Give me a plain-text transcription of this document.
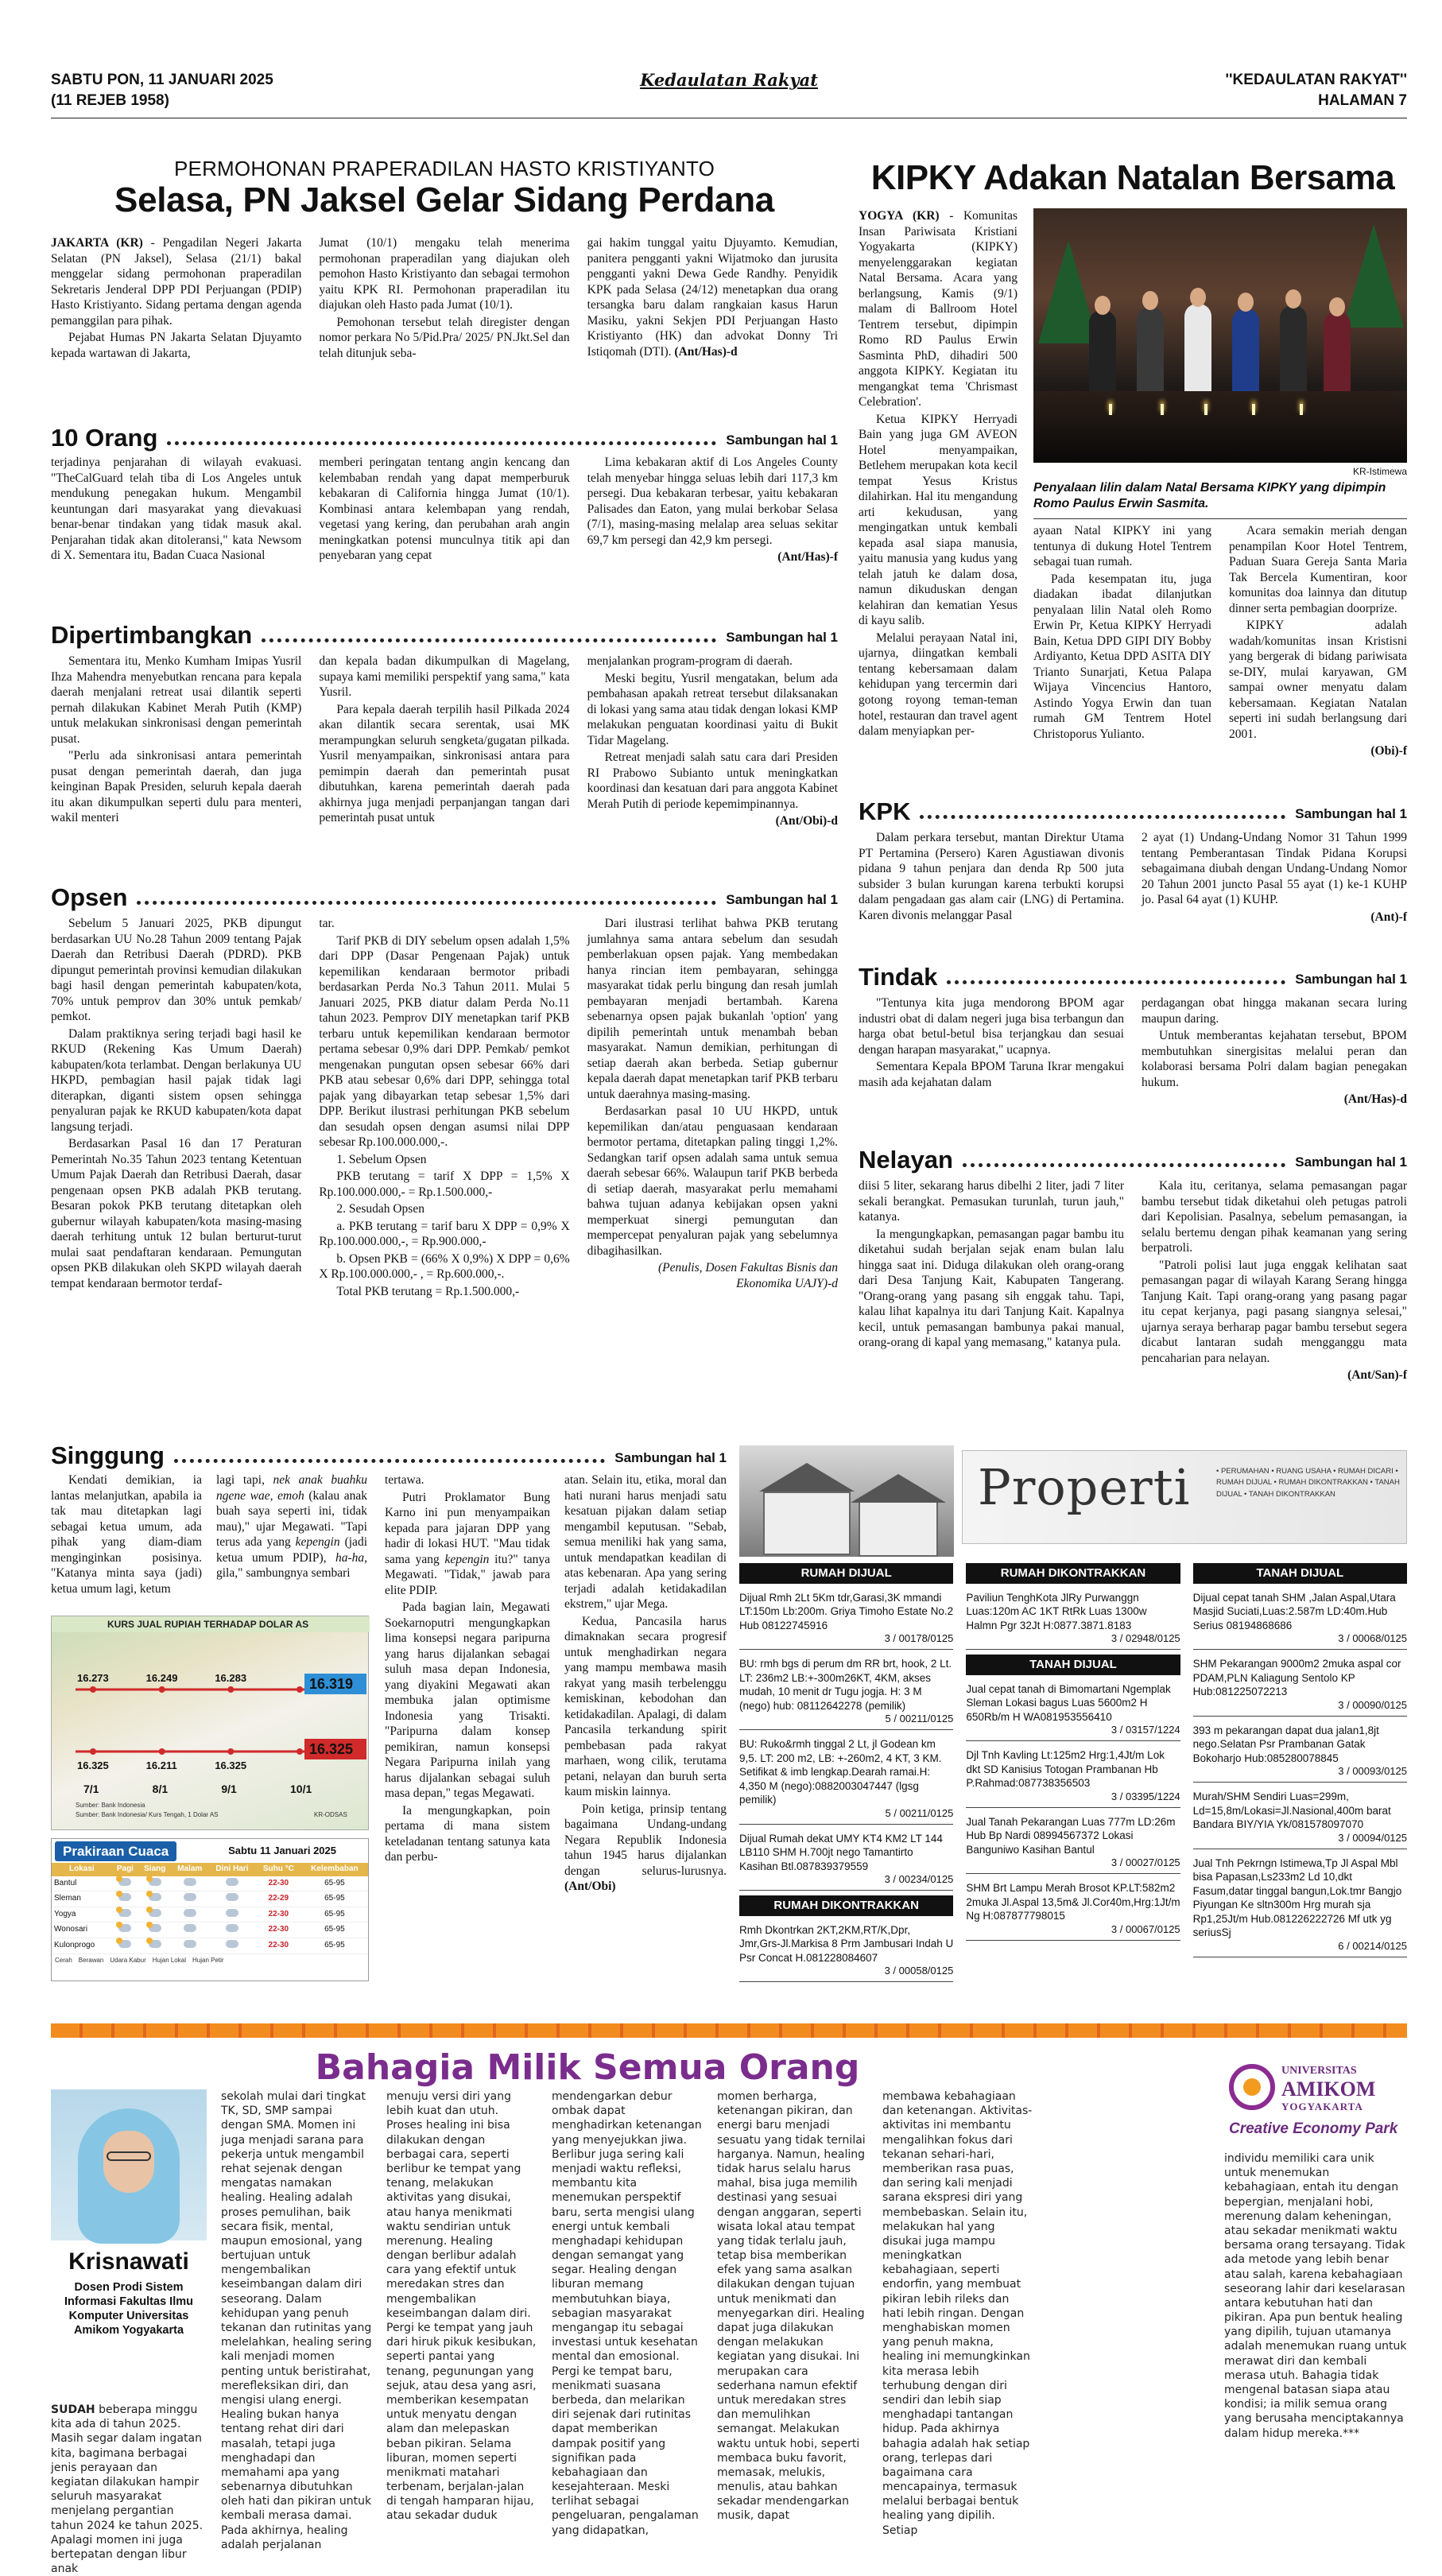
SABTU PON, 11 JANUARI 2025
(11 REJEB 1958)
Kedaulatan Rakyat	''KEDAULATAN RAKYAT''
HALAMAN 7
PERMOHONAN PRAPERADILAN HASTO KRISTIYANTO
Selasa, PN Jaksel Gelar Sidang Perdana

JAKARTA (KR) - Pengadilan Negeri Jakarta Selatan (PN Jaksel), Selasa (21/1) bakal menggelar sidang permohonan praperadilan Sekretaris Jenderal DPP PDI Perjuangan (PDIP) Hasto Kristiyanto. Sidang pertama dengan agenda pemanggilan para pihak.

Pejabat Humas PN Jakarta Selatan Djuyamto kepada wartawan di Jakarta,

Jumat (10/1) mengaku telah menerima permohonan praperadilan yang diajukan oleh pemohon Hasto Kristiyanto dan sebagai termohon yaitu KPK RI. Permohonan praperadilan itu diajukan oleh Hasto pada Jumat (10/1).

Pemohonan tersebut telah diregister dengan nomor perkara No 5/Pid.Pra/ 2025/ PN.Jkt.Sel dan telah ditunjuk seba-

gai hakim tunggal yaitu Djuyamto. Kemudian, panitera pengganti yakni Wijatmoko dan jurusita pengganti yakni Dewa Gede Randhy. Penyidik KPK pada Selasa (24/12) menetapkan dua orang tersangka baru dalam rangkaian kasus Harun Masiku, yakni Sekjen PDI Perjuangan Hasto Kristiyanto (HK) dan advokat Donny Tri Istiqomah (DTI). (Ant/Has)-d

10 Orang	Sambungan hal 1

terjadinya penjarahan di wilayah evakuasi. "TheCalGuard telah tiba di Los Angeles untuk mendukung penegakan hukum. Mengambil keuntungan dari masyarakat yang dievakuasi benar-benar tindakan yang tidak masuk akal. Penjarahan tidak akan ditoleransi," kata Newsom di X. Sementara itu, Badan Cuaca Nasional

memberi peringatan tentang angin kencang dan kelembaban rendah yang dapat memperburuk kebakaran di California hingga Jumat (10/1). Kombinasi antara kelembapan yang rendah, vegetasi yang kering, dan perubahan arah angin meningkatkan potensi munculnya titik api dan penyebaran yang cepat

Lima kebakaran aktif di Los Angeles County telah menyebar hingga seluas lebih dari 117,3 km persegi. Dua kebakaran terbesar, yaitu kebakaran Palisades dan Eaton, yang mulai berkobar Selasa (7/1), masing-masing melalap area seluas sekitar 69,7 km persegi dan 42,9 km persegi.

(Ant/Has)-f

Dipertimbangkan	Sambungan hal 1

Sementara itu, Menko Kumham Imipas Yusril Ihza Mahendra menyebutkan rencana para kepala daerah menjalani retreat usai dilantik seperti pernah dilakukan Kabinet Merah Putih (KMP) untuk melakukan sinkronisasi dengan pemerintah pusat.

"Perlu ada sinkronisasi antara pemerintah pusat dengan pemerintah daerah, dan juga keinginan Bapak Presiden, seluruh kepala daerah itu akan dikumpulkan seperti dulu para menteri, wakil menteri

dan kepala badan dikumpulkan di Magelang, supaya kami memiliki perspektif yang sama," kata Yusril.

Para kepala daerah terpilih hasil Pilkada 2024 akan dilantik secara serentak, usai MK merampungkan seluruh sengketa/gugatan pilkada. Yusril menyampaikan, sinkronisasi antara para pemimpin daerah dan pemerintah pusat dibutuhkan, karena pemerintah daerah pada akhirnya juga menjadi perpanjangan tangan dari pemerintah pusat untuk

menjalankan program-program di daerah.

Meski begitu, Yusril mengatakan, belum ada pembahasan apakah retreat tersebut dilaksanakan di lokasi yang sama atau tidak dengan lokasi KMP melakukan penguatan koordinasi yaitu di Bukit Tidar Magelang.

Retreat menjadi salah satu cara dari Presiden RI Prabowo Subianto untuk meningkatkan koordinasi dan kesatuan dari para anggota Kabinet Merah Putih di periode kepemimpinannya.

(Ant/Obi)-d

Opsen	Sambungan hal 1

Sebelum 5 Januari 2025, PKB dipungut berdasarkan UU No.28 Tahun 2009 tentang Pajak Daerah dan Retribusi Daerah (PDRD). PKB dipungut pemerintah provinsi kemudian dilakukan bagi hasil dengan pemerintah kabupaten/kota, 70% untuk pemprov dan 30% untuk pemkab/ pemkot.

Dalam praktiknya sering terjadi bagi hasil ke RKUD (Rekening Kas Umum Daerah) kabupaten/kota terlambat. Dengan berlakunya UU HKPD, pembagian hasil pajak tidak lagi diterapkan, diganti sistem opsen sehingga penyaluran pajak ke RKUD kabupaten/kota dapat langsung terjadi.

Berdasarkan Pasal 16 dan 17 Peraturan Pemerintah No.35 Tahun 2023 tentang Ketentuan Umum Pajak Daerah dan Retribusi Daerah, dasar pengenaan opsen PKB adalah PKB terutang. Besaran pokok PKB terutang ditetapkan oleh gubernur wilayah kabupaten/kota masing-masing daerah terhitung untuk 12 bulan berturut-turut mulai saat pendaftaran kendaraan. Pemungutan opsen PKB dilakukan oleh SKPD wilayah daerah tempat kendaraan bermotor terdaf-

tar.

Tarif PKB di DIY sebelum opsen adalah 1,5% dari DPP (Dasar Pengenaan Pajak) untuk kepemilikan kendaraan bermotor pribadi berdasarkan Perda No.3 Tahun 2011. Mulai 5 Januari 2025, PKB diatur dalam Perda No.11 tahun 2023. Pemprov DIY menetapkan tarif PKB terbaru untuk kepemilikan kendaraan bermotor pertama sebesar 0,9% dari DPP. Pemkab/ pemkot mengenakan pungutan opsen sebesar 66% dari PKB atau sebesar 0,6% dari DPP, sehingga total pajak yang dibayarkan tetap sebesar 1,5% dari DPP. Berikut ilustrasi perhitungan PKB sebelum dan sesudah opsen dengan asumsi nilai DPP sebesar Rp.100.000.000,-.

1. Sebelum Opsen

PKB terutang = tarif X DPP = 1,5% X Rp.100.000.000,- = Rp.1.500.000,-

2. Sesudah Opsen

a. PKB terutang = tarif baru X DPP = 0,9% X Rp.100.000.000,-, = Rp.900.000,-

b. Opsen PKB = (66% X 0,9%) X DPP = 0,6% X Rp.100.000.000,- , = Rp.600.000,-.

Total PKB terutang = Rp.1.500.000,-

Dari ilustrasi terlihat bahwa PKB terutang jumlahnya sama antara sebelum dan sesudah pemberlakuan opsen pajak. Yang membedakan hanya rincian item pembayaran, sehingga masyarakat tidak perlu bingung dan resah jumlah pembayaran menjadi bertambah. Karena sebenarnya opsen pajak bukanlah 'option' yang dipilih pemerintah untuk menambah beban masyarakat. Namun demikian, perhitungan di setiap daerah akan berbeda. Setiap gubernur kepala daerah dapat menetapkan tarif PKB terbaru untuk daerahnya masing-masing.

Berdasarkan pasal 10 UU HKPD, untuk kepemilikan dan/atau penguasaan kendaraan bermotor pertama, ditetapkan paling tinggi 1,2%. Sedangkan tarif opsen adalah sama untuk semua daerah sebesar 66%. Walaupun tarif PKB berbeda di setiap daerah, masyarakat perlu memahami bahwa tujuan adanya kebijakan opsen yakni memperkuat sinergi pemungutan dan mempercepat penyaluran pajak yang sebelumnya dibagihasilkan.

(Penulis, Dosen Fakultas Bisnis dan Ekonomika UAJY)-d

KIPKY Adakan Natalan Bersama

YOGYA (KR) - Komunitas Insan Pariwisata Kristiani Yogyakarta (KIPKY) menyelenggarakan kegiatan Natal Bersama. Acara yang berlangsung, Kamis (9/1) malam di Ballroom Hotel Tentrem tersebut, dipimpin Romo RD Paulus Erwin Sasminta PhD, dihadiri 500 anggota KIPKY. Kegiatan itu mengangkat tema 'Chrismast Celebration'.

Ketua KIPKY Herryadi Bain yang juga GM AVEON Hotel menyampaikan, Betlehem merupakan kota kecil tempat Yesus Kristus dilahirkan. Hal itu mengandung arti kekudusan, yang mengingatkan untuk kembali kepada asal siapa manusia, yaitu manusia yang kudus yang telah jatuh ke dalam dosa, namun dikuduskan dengan kelahiran dan kematian Yesus di kayu salib.

Melalui perayaan Natal ini, ujarnya, diingatkan kembali tentang kebersamaan dalam kehidupan yang tercermin dari gotong royong teman-teman hotel, restauran dan travel agent dalam menyiapkan per-

KR-Istimewa
Penyalaan lilin dalam Natal Bersama KIPKY yang dipimpin Romo Paulus Erwin Sasmita.

ayaan Natal KIPKY ini yang tentunya di dukung Hotel Tentrem sebagai tuan rumah.

Pada kesempatan itu, juga diadakan ibadat dilanjutkan penyalaan lilin Natal oleh Romo Erwin Pr, Ketua KIPKY Herryadi Bain, Ketua DPD GIPI DIY Bobby Ardiyanto, Ketua DPD ASITA DIY Trianto Sunarjati, Ketua Palapa Wijaya Vincencius Hantoro, Astindo Yogya Erwin dan tuan rumah GM Tentrem Hotel Christoporus Yulianto.

Acara semakin meriah dengan penampilan Koor Hotel Tentrem, Paduan Suara Gereja Santa Maria Tak Bercela Kumentiran, koor komunitas doa lainnya dan ditutup dinner serta pembagian doorprize.

KIPKY adalah wadah/komunitas insan Kristisni yang bergerak di bidang pariwisata se-DIY, mulai karyawan, GM sampai owner menyatu dalam kebersamaan. Kegiatan Natalan seperti ini sudah berlangsung dari 2001.

(Obi)-f

KPK	Sambungan hal 1

Dalam perkara tersebut, mantan Direktur Utama PT Pertamina (Persero) Karen Agustiawan divonis pidana 9 tahun penjara dan denda Rp 500 juta subsider 3 bulan kurungan karena terbukti korupsi dalam pengadaan gas alam cair (LNG) di Pertamina. Karen divonis melanggar Pasal

2 ayat (1) Undang-Undang Nomor 31 Tahun 1999 tentang Pemberantasan Tindak Pidana Korupsi sebagaimana diubah dengan Undang-Undang Nomor 20 Tahun 2001 juncto Pasal 55 ayat (1) ke-1 KUHP jo. Pasal 64 ayat (1) KUHP.

(Ant)-f

Tindak	Sambungan hal 1

"Tentunya kita juga mendorong BPOM agar industri obat di dalam negeri juga bisa terbangun dan harga obat betul-betul bisa terjangkau dan sesuai dengan harapan masyarakat," ucapnya.

Sementara Kepala BPOM Taruna Ikrar mengakui masih ada kejahatan dalam

perdagangan obat hingga makanan secara luring maupun daring.

Untuk memberantas kejahatan tersebut, BPOM membutuhkan sinergisitas melalui peran dan kolaborasi bersama Polri dalam bagian penegakan hukum.

(Ant/Has)-d

Nelayan	Sambungan hal 1

diisi 5 liter, sekarang harus dibelhi 2 liter, jadi 7 liter sekali berangkat. Pemasukan turunlah, turun jauh," katanya.

Ia mengungkapkan, pemasangan pagar bambu itu diketahui sudah berjalan sejak enam bulan lalu hingga saat ini. Diduga dilakukan oleh orang-orang dari Desa Tanjung Kait, Kabupaten Tangerang. "Orang-orang yang pasang sih enggak tahu. Tapi, kalau lihat kapalnya itu dari Tanjung Kait. Kapalnya kecil, untuk pemasangan bambunya pakai manual, orang-orang di kapal yang memasang," katanya pula.

Kala itu, ceritanya, selama pemasangan pagar bambu tersebut tidak diketahui oleh petugas patroli dari Kepolisian. Pasalnya, sebelum pemasangan, ia selalu bertemu dengan pihak keamanan yang sering berpatroli.

"Patroli polisi laut juga enggak kelihatan saat pemasangan pagar di wilayah Karang Serang hingga Tanjung Kait. Tapi orang-orang yang pasang pagar itu cepat kerjanya, pagi pasang siangnya selesai," ujarnya seraya berharap pagar bambu tersebut segera dicabut lantaran sudah mengganggu mata pencaharian para nelayan.

(Ant/San)-f

Singgung	Sambungan hal 1

Kendati demikian, ia lantas melanjutkan, apabila ia tak mau ditetapkan lagi sebagai ketua umum, ada pihak yang diam-diam menginginkan posisinya. "Katanya minta saya (jadi) ketua umum lagi, ketum

lagi tapi, nek anak buahku ngene wae, emoh (kalau anak buah saya seperti ini, tidak mau)," ujar Megawati. "Tapi terus ada yang kepengin (jadi ketua umum PDIP), ha-ha, gila," sambungnya sembari

tertawa.

Putri Proklamator Bung Karno ini pun menyampaikan kepada para jajaran DPP yang hadir di lokasi HUT. "Mau tidak sama yang kepengin itu?" tanya Megawati. "Tidak," jawab para elite PDIP.

Pada bagian lain, Megawati Soekarnoputri mengungkapkan lima konsepsi negara paripurna yang harus dijalankan sebagai suluh masa depan Indonesia, yang diyakini Megawati akan membuka jalan optimisme Indonesia yang Trisakti. "Paripurna dalam konsep pemikiran, namun konsepsi Negara Paripurna inilah yang harus dijalankan sebagai suluh masa depan," tegas Megawati.

Ia mengungkapkan, poin pertama di mana sistem keteladanan tentang satunya kata dan perbu-

atan. Selain itu, etika, moral dan hati nurani harus menjadi satu kesatuan pijakan dalam setiap mengambil keputusan. "Sebab, semua meniliki hak yang sama, untuk mendapatkan keadilan di atas kebenaran. Apa yang sering terjadi adalah ketidakadilan ekstrem," ujar Mega.

Kedua, Pancasila harus dimaknakan secara progresif untuk menghadirkan negara yang mampu membawa masih rakyat yang masih terbelenggu kemiskinan, kebodohan dan ketidakadilan. Apalagi, di dalam Pancasila terkandung spirit pembebasan pada rakyat marhaen, wong cilik, terutama petani, nelayan dan buruh serta kaum miskin lainnya.

Poin ketiga, prinsip tentang bagaimana Undang-undang Negara Republik Indonesia tahun 1945 harus dijalankan dengan selurus-lurusnya. (Ant/Obi)

KURS JUAL RUPIAH TERHADAP DOLAR AS
16.319
16.325
7/1
16.273
16.325
8/1
16.249
16.211
9/1
16.283
16.325
10/1
Sumber: Bank Indonesia
Sumber: Bank Indonesia/ Kurs Tengah, 1 Dolar AS	KR-ODSAS
Prakiraan Cuaca	Sabtu 11 Januari 2025
Lokasi	Pagi	Siang	Malam	Dini Hari	Suhu °C	Kelembaban
Bantul					22-30	65-95
Sleman					22-29	65-95
Yogya					22-30	65-95
Wonosari					22-30	65-95
Kulonprogo					22-30	65-95
Cerah Berawan Udara Kabur Hujan Lokal Hujan Petir
Properti	• PERUMAHAN • RUANG USAHA • RUMAH DICARI • RUMAH DIJUAL • RUMAH DIKONTRAKKAN • TANAH DIJUAL • TANAH DIKONTRAKKAN
RUMAH DIJUAL
Dijual Rmh 2Lt 5Km tdr,Garasi,3K mmandi LT:150m Lb:200m. Griya Timoho Estate No.2 Hub 08122745916
3 / 00178/0125
BU: rmh bgs di perum dm RR brt, hook, 2 Lt. LT: 236m2 LB:+-300m26KT, 4KM, akses mudah, 10 menit dr Tugu jogja. H: 3 M (nego) hub: 08112642278 (pemilik)
5 / 00211/0125
BU: Ruko&rmh tinggal 2 Lt, jl Godean km 9,5. LT: 200 m2, LB: +-260m2, 4 KT, 3 KM. Setifikat & imb lengkap.Dearah ramai.H: 4,350 M (nego):0882003047447 (lgsg pemilik)
5 / 00211/0125
Dijual Rumah dekat UMY KT4 KM2 LT 144 LB110 SHM H.700jt nego Tamantirto Kasihan Btl.087839379559
3 / 00234/0125
RUMAH DIKONTRAKKAN
Rmh Dkontrkan 2KT,2KM,RT/K,Dpr, Jmr,Grs-Jl.Markisa 8 Prm Jambusari Indah U Psr Concat H.081228084607
3 / 00058/0125
RUMAH DIKONTRAKKAN
Paviliun TenghKota JlRy Purwanggn Luas:120m AC 1KT RtRk Luas 1300w Halmn Pgr 32Jt H:0877.3871.8183
3 / 02948/0125
TANAH DIJUAL
Jual cepat tanah di Bimomartani Ngemplak Sleman Lokasi bagus Luas 5600m2 H 650Rb/m H WA081953556410
3 / 03157/1224
Djl Tnh Kavling Lt:125m2 Hrg:1,4Jt/m Lok dkt SD Kanisius Totogan Prambanan Hb P.Rahmad:087738356503
3 / 03395/1224
Jual Tanah Pekarangan Luas 777m LD:26m Hub Bp Nardi 08994567372 Lokasi Banguniwo Kasihan Bantul
3 / 00027/0125
SHM Brt Lampu Merah Brosot KP.LT:582m2 2muka Jl.Aspal 13,5m& Jl.Cor40m,Hrg:1Jt/m Ng H:087877798015
3 / 00067/0125
TANAH DIJUAL
Dijual cepat tanah SHM ,Jalan Aspal,Utara Masjid Suciati,Luas:2.587m LD:40m.Hub Serius 08194868686
3 / 00068/0125
SHM Pekarangan 9000m2 2muka aspal cor PDAM,PLN Kaliagung Sentolo KP Hub:081225072213
3 / 00090/0125
393 m pekarangan dapat dua jalan1,8jt nego.Selatan Psr Prambanan Gatak Bokoharjo Hub:085280078845
3 / 00093/0125
Murah/SHM Sendiri Luas=299m, Ld=15,8m/Lokasi=Jl.Nasional,400m barat Bandara BIY/YIA Yk/081578097070
3 / 00094/0125
Jual Tnh Pekrngn Istimewa,Tp Jl Aspal Mbl bisa Papasan,Ls233m2 Ld 10,dkt Fasum,datar tinggal bangun,Lok.tmr Bangjo Piyungan Ke sltn300m Hrg murah sja Rp1,25Jt/m Hub.081226222726 Mf utk yg seriusSj
6 / 00214/0125
Bahagia Milik Semua Orang
Krisnawati
Dosen Prodi Sistem Informasi Fakultas Ilmu Komputer Universitas Amikom Yogyakarta
SUDAH beberapa minggu kita ada di tahun 2025. Masih segar dalam ingatan kita, bagimana berbagai jenis perayaan dan kegiatan dilakukan hampir seluruh masyarakat menjelang pergantian tahun 2024 ke tahun 2025. Apalagi momen ini juga bertepatan dengan libur anak
sekolah mulai dari tingkat TK, SD, SMP sampai dengan SMA. Momen ini juga menjadi sarana para pekerja untuk mengambil rehat sejenak dengan mengatas namakan healing. Healing adalah proses pemulihan, baik secara fisik, mental, maupun emosional, yang bertujuan untuk mengembalikan keseimbangan dalam diri seseorang. Dalam kehidupan yang penuh tekanan dan rutinitas yang melelahkan, healing sering kali menjadi momen penting untuk beristirahat, merefleksikan diri, dan mengisi ulang energi. Healing bukan hanya tentang rehat diri dari masalah, tetapi juga menghadapi dan memahami apa yang sebenarnya dibutuhkan oleh hati dan pikiran untuk kembali merasa damai. Pada akhirnya, healing adalah perjalanan
menuju versi diri yang lebih kuat dan utuh. Proses healing ini bisa dilakukan dengan berbagai cara, seperti berlibur ke tempat yang tenang, melakukan aktivitas yang disukai, atau hanya menikmati waktu sendirian untuk merenung. Healing dengan berlibur adalah cara yang efektif untuk meredakan stres dan mengembalikan keseimbangan dalam diri. Pergi ke tempat yang jauh dari hiruk pikuk kesibukan, seperti pantai yang tenang, pegunungan yang sejuk, atau desa yang asri, memberikan kesempatan untuk menyatu dengan alam dan melepaskan beban pikiran. Selama liburan, momen seperti menikmati matahari terbenam, berjalan-jalan di tengah hamparan hijau, atau sekadar duduk
mendengarkan debur ombak dapat menghadirkan ketenangan yang menyejukkan jiwa. Berlibur juga sering kali menjadi waktu refleksi, membantu kita menemukan perspektif baru, serta mengisi ulang energi untuk kembali menghadapi kehidupan dengan semangat yang segar. Healing dengan liburan memang membutuhkan biaya, sebagian masyarakat mengangap itu sebagai investasi untuk kesehatan mental dan emosional. Pergi ke tempat baru, menikmati suasana berbeda, dan melarikan diri sejenak dari rutinitas dapat memberikan dampak positif yang signifikan pada kebahagiaan dan kesejahteraan. Meski terlihat sebagai pengeluaran, pengalaman yang didapatkan,
momen berharga, ketenangan pikiran, dan energi baru menjadi sesuatu yang tidak ternilai harganya. Namun, healing tidak harus selalu harus mahal, bisa juga memilih destinasi yang sesuai dengan anggaran, seperti wisata lokal atau tempat yang tidak terlalu jauh, tetap bisa memberikan efek yang sama asalkan dilakukan dengan tujuan untuk menikmati dan menyegarkan diri. Healing dapat juga dilakukan dengan melakukan kegiatan yang disukai. Ini merupakan cara sederhana namun efektif untuk meredakan stres dan memulihkan semangat. Melakukan waktu untuk hobi, seperti membaca buku favorit, memasak, melukis, menulis, atau bahkan sekadar mendengarkan musik, dapat
membawa kebahagiaan dan ketenangan. Aktivitas-aktivitas ini membantu mengalihkan fokus dari tekanan sehari-hari, memberikan rasa puas, dan sering kali menjadi sarana ekspresi diri yang membebaskan. Selain itu, melakukan hal yang disukai juga mampu meningkatkan kebahagiaan, seperti endorfin, yang membuat pikiran lebih rileks dan hati lebih ringan. Dengan menghabiskan momen yang penuh makna, healing ini memungkinkan kita merasa lebih terhubung dengan diri sendiri dan lebih siap menghadapi tantangan hidup. Pada akhirnya bahagia adalah hak setiap orang, terlepas dari bagaimana cara mencapainya, termasuk melalui berbagai bentuk healing yang dipilih. Setiap
individu memiliki cara unik untuk menemukan kebahagiaan, entah itu dengan bepergian, menjalani hobi, merenung dalam keheningan, atau sekadar menikmati waktu bersama orang tersayang. Tidak ada metode yang lebih benar atau salah, karena kebahagiaan seseorang lahir dari keselarasan antara kebutuhan hati dan pikiran. Apa pun bentuk healing yang dipilih, tujuan utamanya adalah menemukan ruang untuk merawat diri dan kembali merasa utuh. Bahagia tidak mengenal batasan siapa atau kondisi; ia milik semua orang yang berusaha menciptakannya dalam hidup mereka.***
UNIVERSITAS
AMIKOM
YOGYAKARTA
Creative Economy Park
